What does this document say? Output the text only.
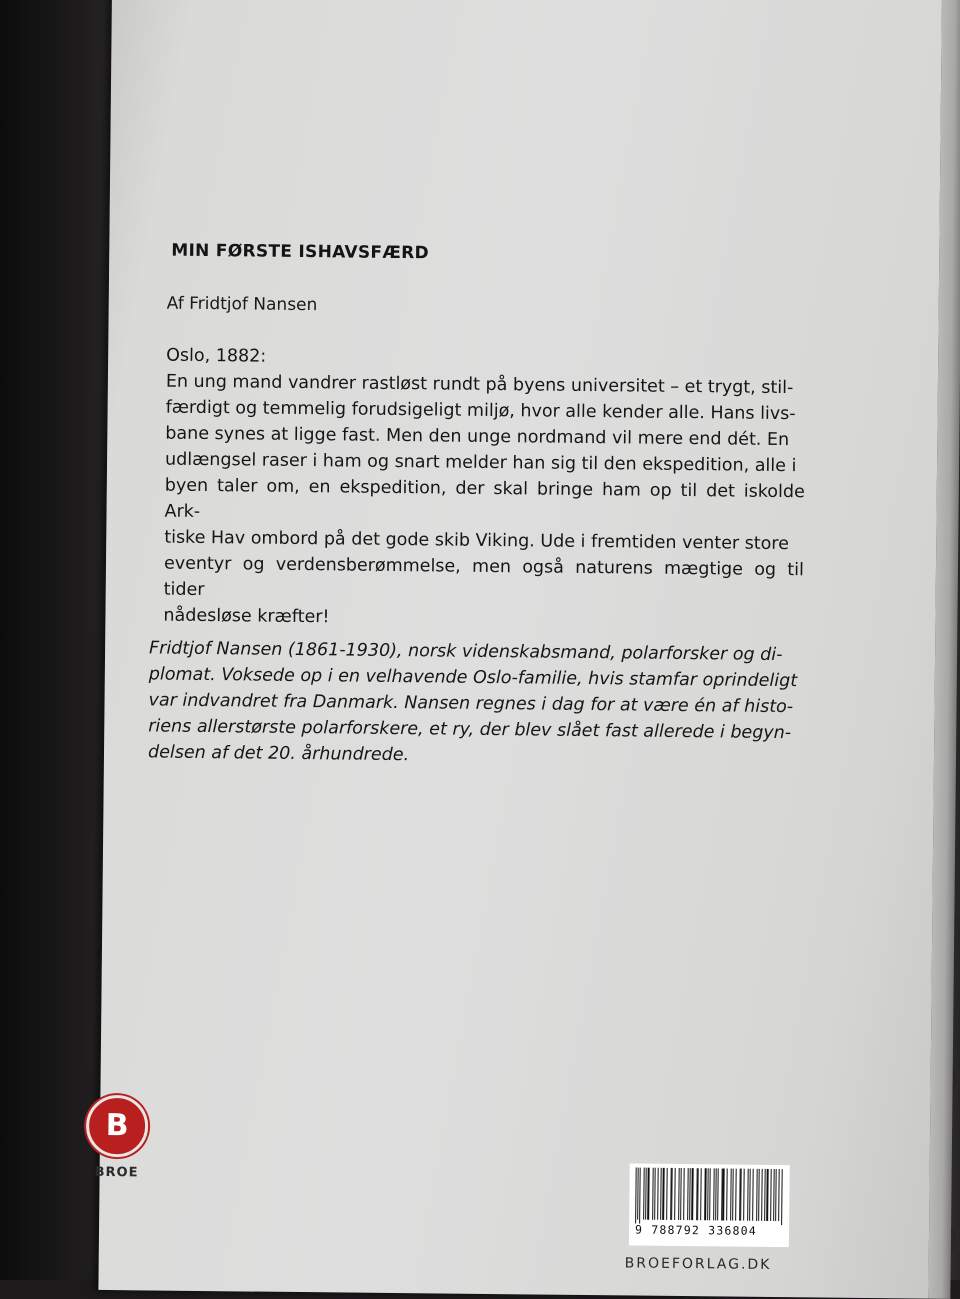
MIN FØRSTE ISHAVSFÆRD
Af Fridtjof Nansen

Oslo, 1882:

En ung mand vandrer rastløst rundt på byens universitet – et trygt, stil-

færdigt og temmelig forudsigeligt miljø, hvor alle kender alle. Hans livs-

bane synes at ligge fast. Men den unge nordmand vil mere end dét. En

udlængsel raser i ham og snart melder han sig til den ekspedition, alle i

byen taler om, en ekspedition, der skal bringe ham op til det iskolde Ark-

tiske Hav ombord på det gode skib Viking. Ude i fremtiden venter store

eventyr og verdensberømmelse, men også naturens mægtige og til tider

nådesløse kræfter!

Fridtjof Nansen (1861-1930), norsk videnskabsmand, polarforsker og di-

plomat. Voksede op i en velhavende Oslo-familie, hvis stamfar oprindeligt

var indvandret fra Danmark. Nansen regnes i dag for at være én af histo-

riens allerstørste polarforskere, et ry, der blev slået fast allerede i begyn-

delsen af det 20. århundrede.

B
BROE
9 788792 336804
BROEFORLAG.DK
